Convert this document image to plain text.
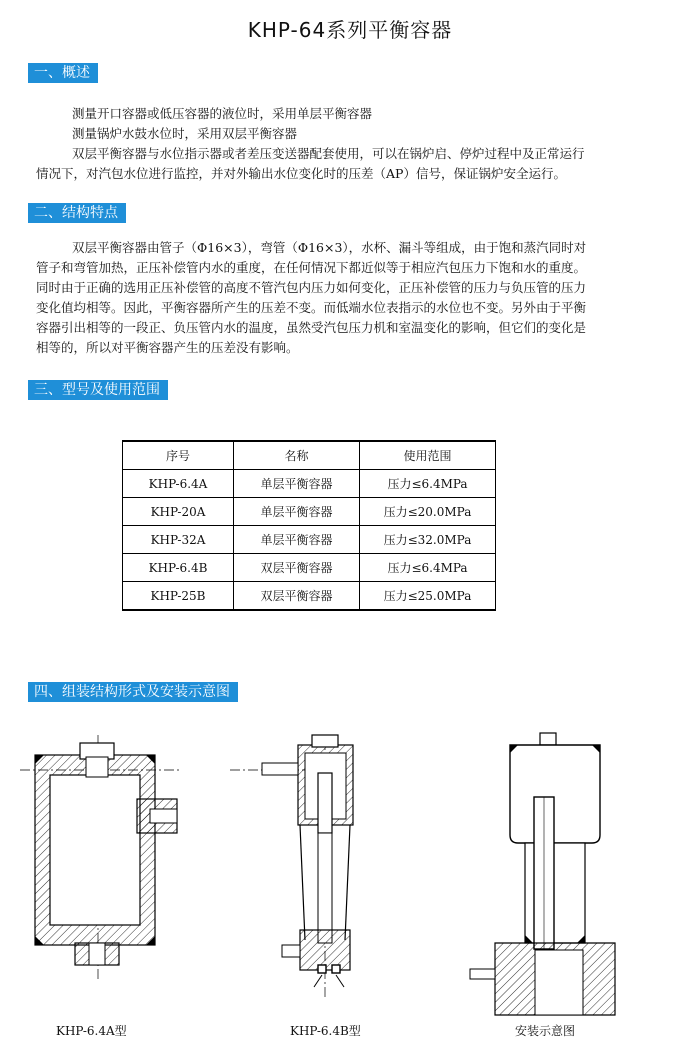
KHP-64系列平衡容器
一、概述

测量开口容器或低压容器的液位时，采用单层平衡容器

测量锅炉水鼓水位时，采用双层平衡容器

双层平衡容器与水位指示器或者差压变送器配套使用，可以在锅炉启、停炉过程中及正常运行

情况下，对汽包水位进行监控，并对外输出水位变化时的压差（AP）信号，保证锅炉安全运行。

二、结构特点

双层平衡容器由管子（Φ16×3），弯管（Φ16×3），水杯、漏斗等组成，由于饱和蒸汽同时对

管子和弯管加热，正压补偿管内水的重度，在任何情况下都近似等于相应汽包压力下饱和水的重度。

同时由于正确的选用正压补偿管的高度不管汽包内压力如何变化，正压补偿管的压力与负压管的压力

变化值均相等。因此，平衡容器所产生的压差不变。而低端水位表指示的水位也不变。另外由于平衡

容器引出相等的一段正、负压管内水的温度，虽然受汽包压力机和室温变化的影响，但它们的变化是

相等的，所以对平衡容器产生的压差没有影响。

三、型号及使用范围
序号	名称	使用范围
KHP-6.4A	单层平衡容器	压力≤6.4MPa
KHP-20A	单层平衡容器	压力≤20.0MPa
KHP-32A	单层平衡容器	压力≤32.0MPa
KHP-6.4B	双层平衡容器	压力≤6.4MPa
KHP-25B	双层平衡容器	压力≤25.0MPa
四、组装结构形式及安装示意图
KHP-6.4A型	KHP-6.4B型	安装示意图
